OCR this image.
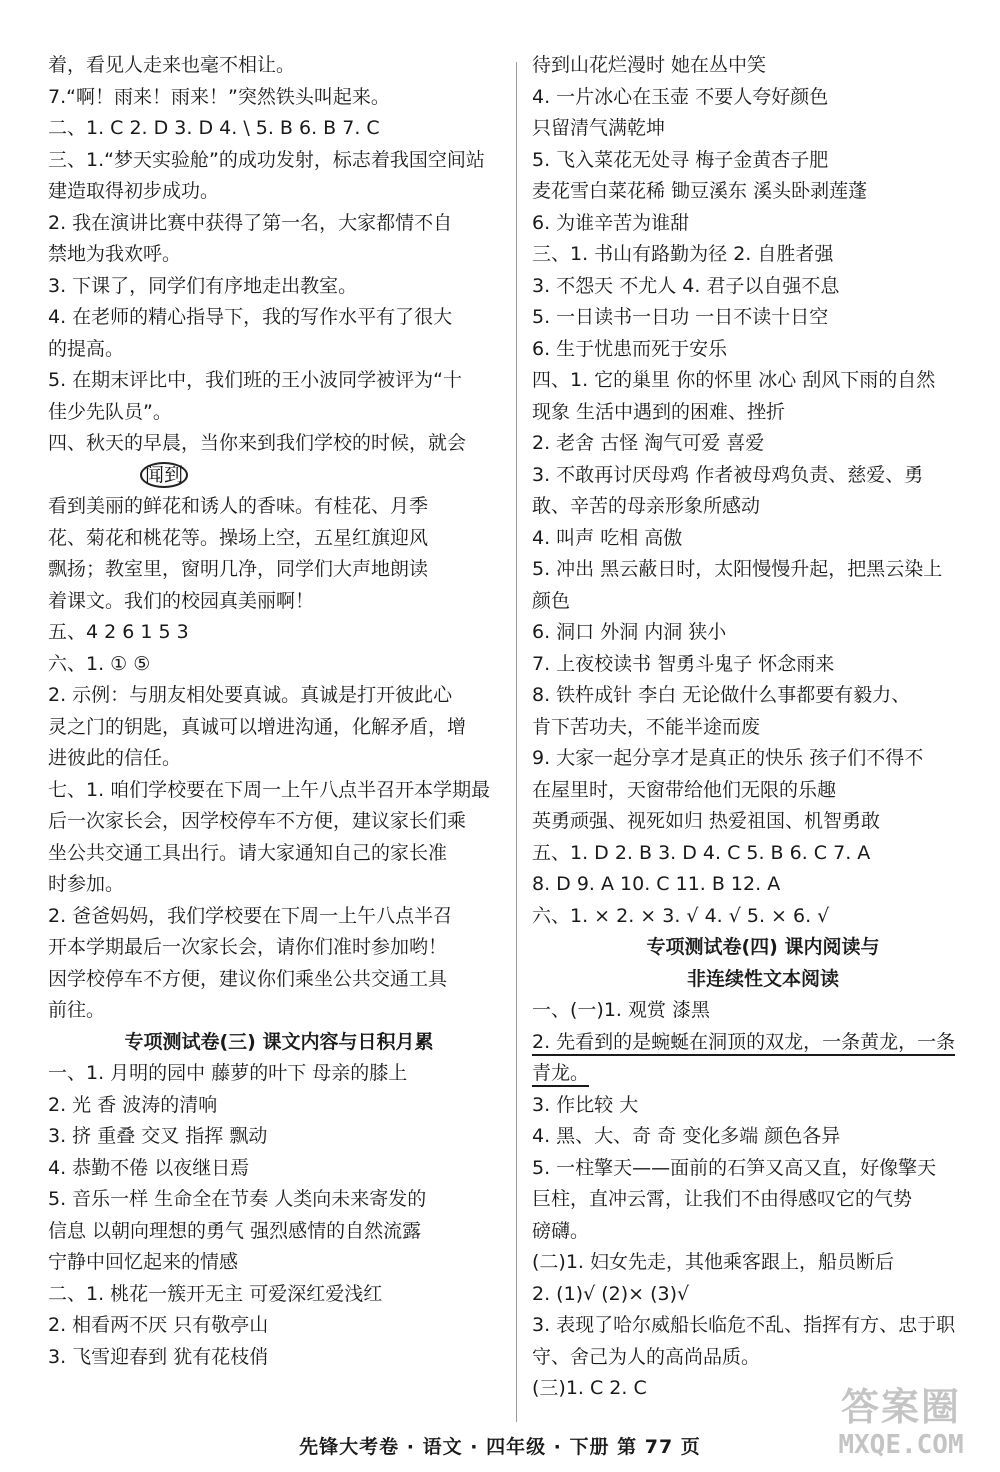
着，看见人走来也毫不相让。
7.“啊！雨来！雨来！”突然铁头叫起来。
二、1. C 2. D 3. D 4. \ 5. B 6. B 7. C
三、1.“梦天实验舱”的成功发射，标志着我国空间站
建造取得初步成功。
2. 我在演讲比赛中获得了第一名，大家都情不自
禁地为我欢呼。
3. 下课了，同学们有序地走出教室。
4. 在老师的精心指导下，我的写作水平有了很大
的提高。
5. 在期末评比中，我们班的王小波同学被评为“十
佳少先队员”。
四、秋天的早晨，当你来到我们学校的时候，就会
闻到
看到美丽的鲜花和诱人的香味。有桂花、月季
花、菊花和桃花等。操场上空，五星红旗迎风
飘扬；教室里，窗明几净，同学们大声地朗读
着课文。我们的校园真美丽啊！
五、4 2 6 1 5 3
六、1. ① ⑤
2. 示例：与朋友相处要真诚。真诚是打开彼此心
灵之门的钥匙，真诚可以增进沟通，化解矛盾，增
进彼此的信任。
七、1. 咱们学校要在下周一上午八点半召开本学期最
后一次家长会，因学校停车不方便，建议家长们乘
坐公共交通工具出行。请大家通知自己的家长准
时参加。
2. 爸爸妈妈，我们学校要在下周一上午八点半召
开本学期最后一次家长会，请你们准时参加哟！
因学校停车不方便，建议你们乘坐公共交通工具
前往。
专项测试卷(三) 课文内容与日积月累
一、1. 月明的园中 藤萝的叶下 母亲的膝上
2. 光 香 波涛的清响
3. 挤 重叠 交叉 指挥 飘动
4. 恭勤不倦 以夜继日焉
5. 音乐一样 生命全在节奏 人类向未来寄发的
信息 以朝向理想的勇气 强烈感情的自然流露
宁静中回忆起来的情感
二、1. 桃花一簇开无主 可爱深红爱浅红
2. 相看两不厌 只有敬亭山
3. 飞雪迎春到 犹有花枝俏
待到山花烂漫时 她在丛中笑
4. 一片冰心在玉壶 不要人夸好颜色
只留清气满乾坤
5. 飞入菜花无处寻 梅子金黄杏子肥
麦花雪白菜花稀 锄豆溪东 溪头卧剥莲蓬
6. 为谁辛苦为谁甜
三、1. 书山有路勤为径 2. 自胜者强
3. 不怨天 不尤人 4. 君子以自强不息
5. 一日读书一日功 一日不读十日空
6. 生于忧患而死于安乐
四、1. 它的巢里 你的怀里 冰心 刮风下雨的自然
现象 生活中遇到的困难、挫折
2. 老舍 古怪 淘气可爱 喜爱
3. 不敢再讨厌母鸡 作者被母鸡负责、慈爱、勇
敢、辛苦的母亲形象所感动
4. 叫声 吃相 高傲
5. 冲出 黑云蔽日时，太阳慢慢升起，把黑云染上
颜色
6. 洞口 外洞 内洞 狭小
7. 上夜校读书 智勇斗鬼子 怀念雨来
8. 铁杵成针 李白 无论做什么事都要有毅力、
肯下苦功夫，不能半途而废
9. 大家一起分享才是真正的快乐 孩子们不得不
在屋里时，天窗带给他们无限的乐趣
英勇顽强、视死如归 热爱祖国、机智勇敢
五、1. D 2. B 3. D 4. C 5. B 6. C 7. A
8. D 9. A 10. C 11. B 12. A
六、1. × 2. × 3. √ 4. √ 5. × 6. √
专项测试卷(四) 课内阅读与
非连续性文本阅读
一、(一)1. 观赏 漆黑
2. 先看到的是蜿蜒在洞顶的双龙，一条黄龙，一条
青龙。
3. 作比较 大
4. 黑、大、奇 奇 变化多端 颜色各异
5. 一柱擎天——面前的石笋又高又直，好像擎天
巨柱，直冲云霄，让我们不由得感叹它的气势
磅礴。
(二)1. 妇女先走，其他乘客跟上，船员断后
2. (1)√ (2)× (3)√
3. 表现了哈尔威船长临危不乱、指挥有方、忠于职
守、舍己为人的高尚品质。
(三)1. C 2. C
先锋大考卷 · 语文 · 四年级 · 下册 第 77 页
答案圈
MXQE.COM
